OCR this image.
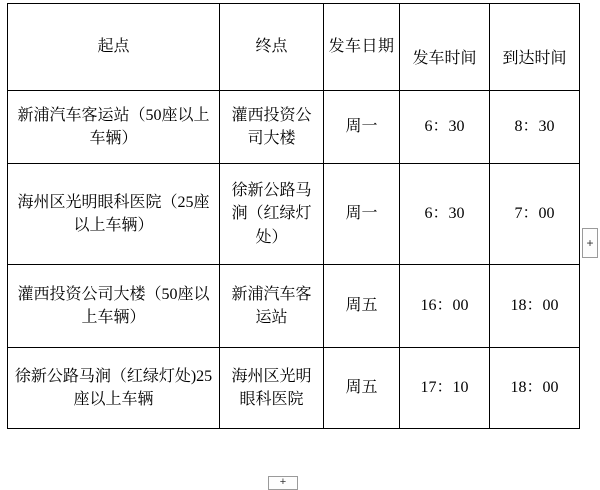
起点	终点	发车日期	发车时间	到达时间
新浦汽车客运站（50座以上车辆）	灌西投资公司大楼	周一	6：30	8：30
海州区光明眼科医院（25座以上车辆）	徐新公路马涧（红绿灯处）	周一	6：30	7：00
灌西投资公司大楼（50座以上车辆）	新浦汽车客运站	周五	16：00	18：00
徐新公路马涧（红绿灯处)25座以上车辆	海州区光明眼科医院	周五	17：10	18：00
+
+
